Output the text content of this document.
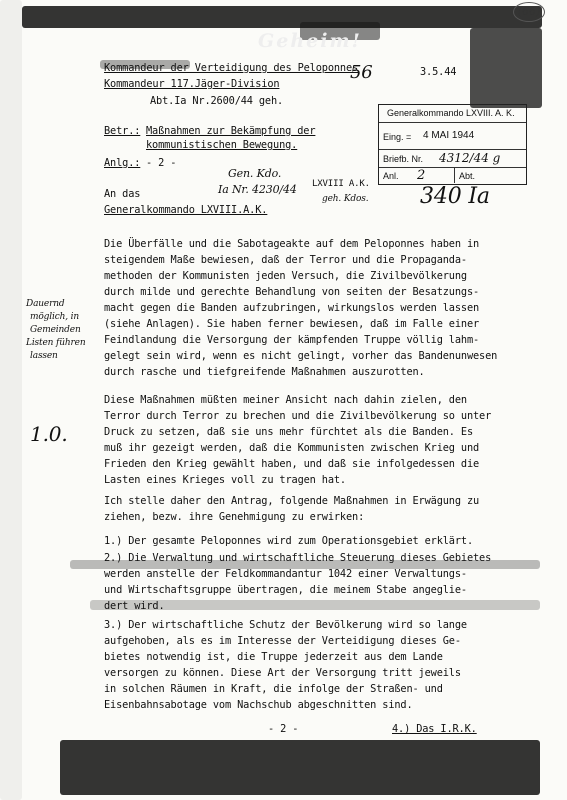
(66)
Geheim!
Kommandeur der Verteidigung des Peloponnes
Kommandeur 117.Jäger-Division
Abt.Ia Nr.2600/44 geh.
3.5.44
56
Generalkommando LXVIII. A. K.
Eing. = 4 MAI 1944
Briefb. Nr. 4312/44 g
Anl. 2	Abt.
Betr.: Maßnahmen zur Bekämpfung der
kommunistischen Bewegung.
Anlg.: - 2 -
Gen. Kdo.
Ia Nr. 4230/44 LXVIII A.K.
geh. Kdos. 340 Ia
An das
Generalkommando LXVIII.A.K.
Die Überfälle und die Sabotageakte auf dem Peloponnes haben in
steigendem Maße bewiesen, daß der Terror und die Propaganda-
methoden der Kommunisten jeden Versuch, die Zivilbevölkerung
durch milde und gerechte Behandlung von seiten der Besatzungs-
macht gegen die Banden aufzubringen, wirkungslos werden lassen
(siehe Anlagen). Sie haben ferner bewiesen, daß im Falle einer
Feindlandung die Versorgung der kämpfenden Truppe völlig lahm-
gelegt sein wird, wenn es nicht gelingt, vorher das Bandenunwesen
durch rasche und tiefgreifende Maßnahmen auszurotten.
Dauernd
möglich, in
Gemeinden
Listen führen
lassen
1.0.
Diese Maßnahmen müßten meiner Ansicht nach dahin zielen, den
Terror durch Terror zu brechen und die Zivilbevölkerung so unter
Druck zu setzen, daß sie uns mehr fürchtet als die Banden. Es
muß ihr gezeigt werden, daß die Kommunisten zwischen Krieg und
Frieden den Krieg gewählt haben, und daß sie infolgedessen die
Lasten eines Krieges voll zu tragen hat.
Ich stelle daher den Antrag, folgende Maßnahmen in Erwägung zu
ziehen, bezw. ihre Genehmigung zu erwirken:
1.) Der gesamte Peloponnes wird zum Operationsgebiet erklärt.
2.) Die Verwaltung und wirtschaftliche Steuerung dieses Gebietes
werden anstelle der Feldkommandantur 1042 einer Verwaltungs-
und Wirtschaftsgruppe übertragen, die meinem Stabe angeglie-
dert wird.
3.) Der wirtschaftliche Schutz der Bevölkerung wird so lange
aufgehoben, als es im Interesse der Verteidigung dieses Ge-
bietes notwendig ist, die Truppe jederzeit aus dem Lande
versorgen zu können. Diese Art der Versorgung tritt jeweils
in solchen Räumen in Kraft, die infolge der Straßen- und
Eisenbahnsabotage vom Nachschub abgeschnitten sind.
- 2 -	4.) Das I.R.K.
